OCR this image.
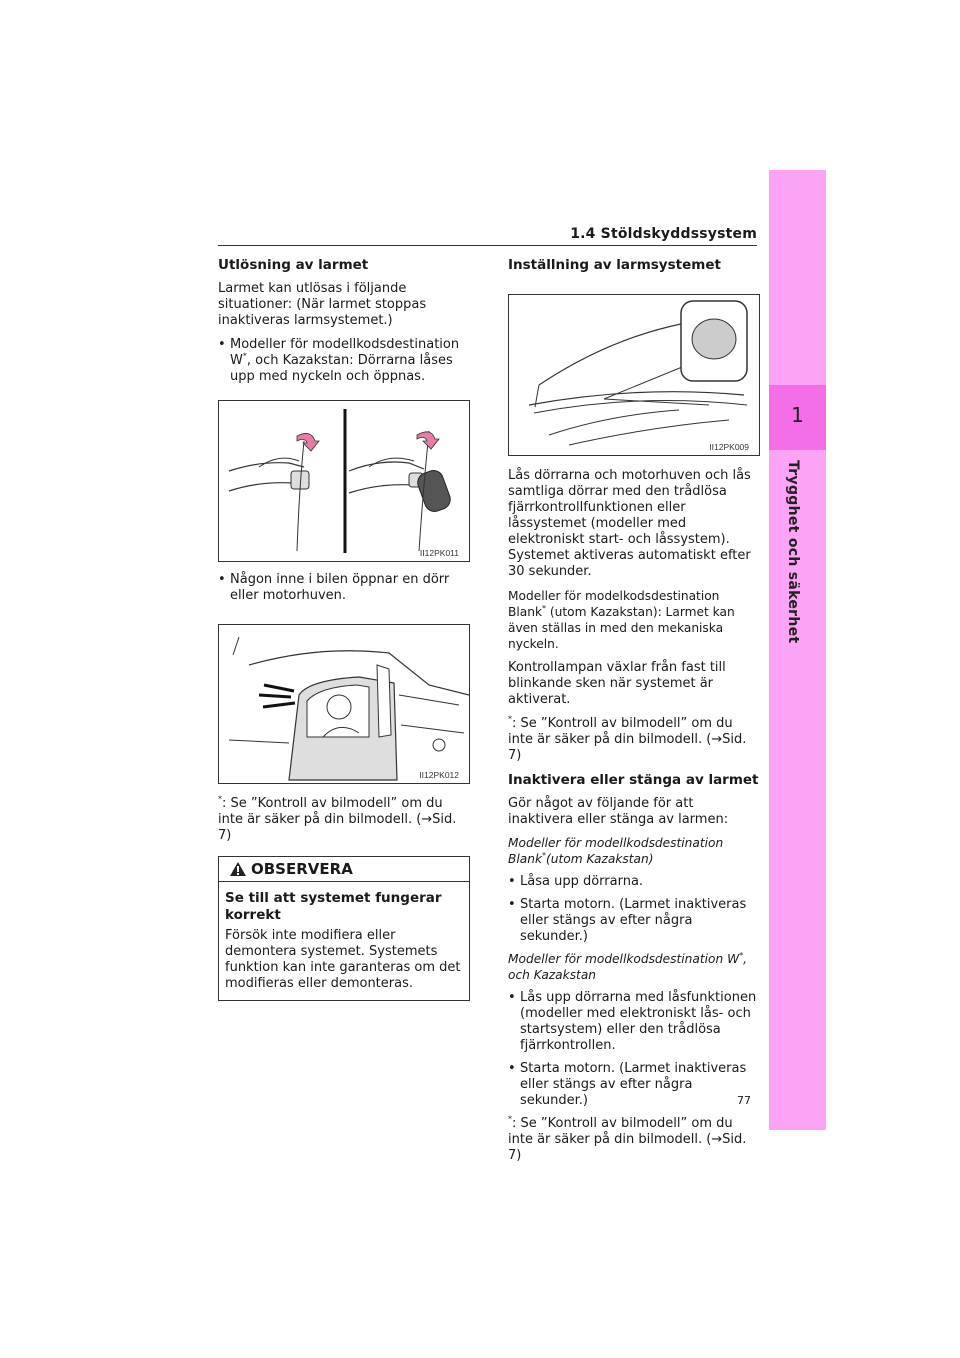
1
Trygghet och säkerhet
1.4 Stöldskyddssystem
Utlösning av larmet
Larmet kan utlösas i följande situationer: (När larmet stoppas inaktiveras larmsystemet.)
• Modeller för modellkodsdestination W*, och Kazakstan: Dörrarna låses upp med nyckeln och öppnas.
II12PK011
• Någon inne i bilen öppnar en dörr eller motorhuven.
II12PK012
*: Se ”Kontroll av bilmodell” om du inte är säker på din bilmodell. (→Sid. 7)
OBSERVERA
Se till att systemet fungerar korrekt
Försök inte modifiera eller demontera systemet. Systemets funktion kan inte garanteras om det modifieras eller demonteras.
Inställning av larmsystemet
II12PK009
Lås dörrarna och motorhuven och lås samtliga dörrar med den trådlösa fjärrkontrollfunktionen eller låssystemet (modeller med elektroniskt start- och låssystem). Systemet aktiveras automatiskt efter 30 sekunder.
Modeller för modelkodsdestination Blank* (utom Kazakstan): Larmet kan även ställas in med den mekaniska nyckeln.
Kontrollampan växlar från fast till blinkande sken när systemet är aktiverat.
*: Se ”Kontroll av bilmodell” om du inte är säker på din bilmodell. (→Sid. 7)
Inaktivera eller stänga av larmet
Gör något av följande för att inaktivera eller stänga av larmen:
Modeller för modellkodsdestination Blank*(utom Kazakstan)
• Låsa upp dörrarna.
• Starta motorn. (Larmet inaktiveras eller stängs av efter några sekunder.)
Modeller för modellkodsdestination W*, och Kazakstan
• Lås upp dörrarna med låsfunktionen (modeller med elektroniskt lås- och startsystem) eller den trådlösa fjärrkontrollen.
• Starta motorn. (Larmet inaktiveras eller stängs av efter några sekunder.)
*: Se ”Kontroll av bilmodell” om du inte är säker på din bilmodell. (→Sid. 7)
77
